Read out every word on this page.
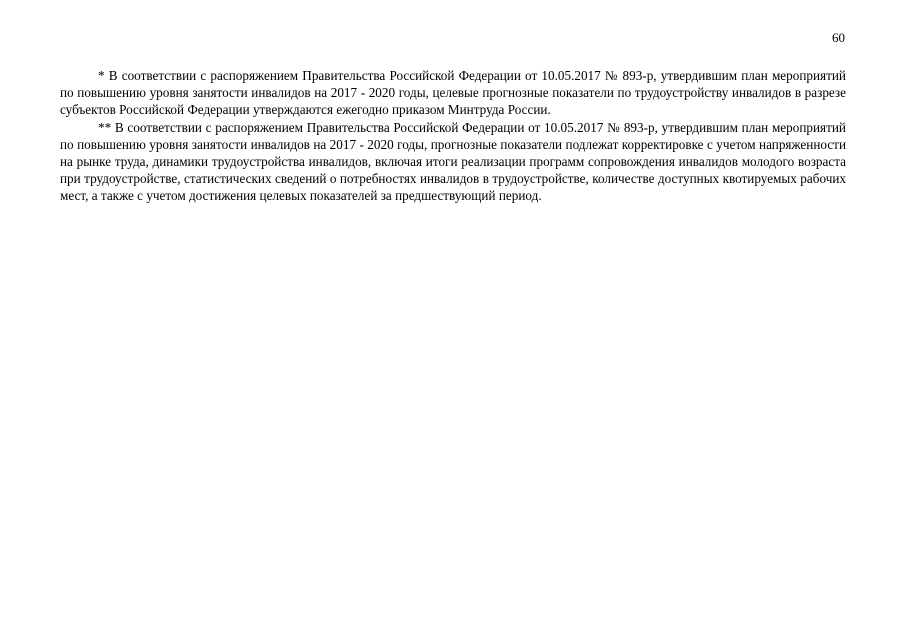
60

* В соответствии с распоряжением Правительства Российской Федерации от 10.05.2017 № 893-р, утвердившим план мероприятий по повышению уровня занятости инвалидов на 2017 - 2020 годы, целевые прогнозные показатели по трудоустройству инвалидов в разрезе субъектов Российской Федерации утверждаются ежегодно приказом Минтруда России.

** В соответствии с распоряжением Правительства Российской Федерации от 10.05.2017 № 893-р, утвердившим план мероприятий по повышению уровня занятости инвалидов на 2017 - 2020 годы, прогнозные показатели подлежат корректировке с учетом напряженности на рынке труда, динамики трудоустройства инвалидов, включая итоги реализации программ сопровождения инвалидов молодого возраста при трудоустройстве, статистических сведений о потребностях инвалидов в трудоустройстве, количестве доступных квотируемых рабочих мест, а также с учетом достижения целевых показателей за предшествующий период.
